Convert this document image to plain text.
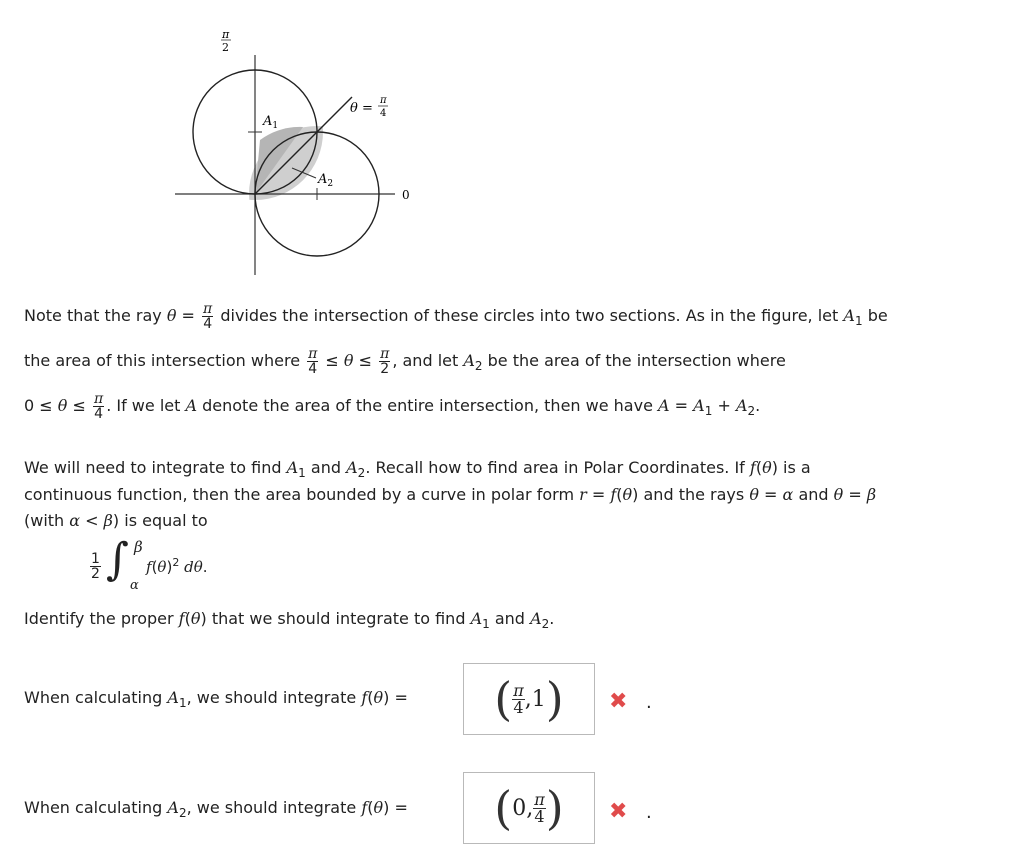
π
2
$A_1$
$A_2$
θ =
π
4
0
Note that the ray $\theta = \frac{\pi}{4}$ divides the intersection of these circles into two sections. As in the figure, let $A_1$ be
the area of this intersection where $\frac{\pi}{4} \le \theta \le \frac{\pi}{2}$ , and let $A_2$ be the area of the intersection where
$0 \le \theta \le \frac{\pi}{4}$ . If we let A denote the area of the entire intersection, then we have $A = A_1 + A_2$.
We will need to integrate to find $A_1$ and $A_2$. Recall how to find area in Polar Coordinates. If f(θ) is a
continuous function, then the area bounded by a curve in polar form r = f(θ) and the rays θ = α and θ = β
(with α < β) is equal to
$\frac{1}{2}$ ∫ β
α
$f(\theta)^2$ dθ.
Identify the proper f(θ) that we should integrate to find $A_1$ and $A_2$.
When calculating $A_1$, we should integrate f(θ) = ( $\frac{\pi}{4} ,1$ ) ✖ .
When calculating $A_2$, we should integrate f(θ) = ( 0, $\frac{\pi}{4}$ ) ✖ .
